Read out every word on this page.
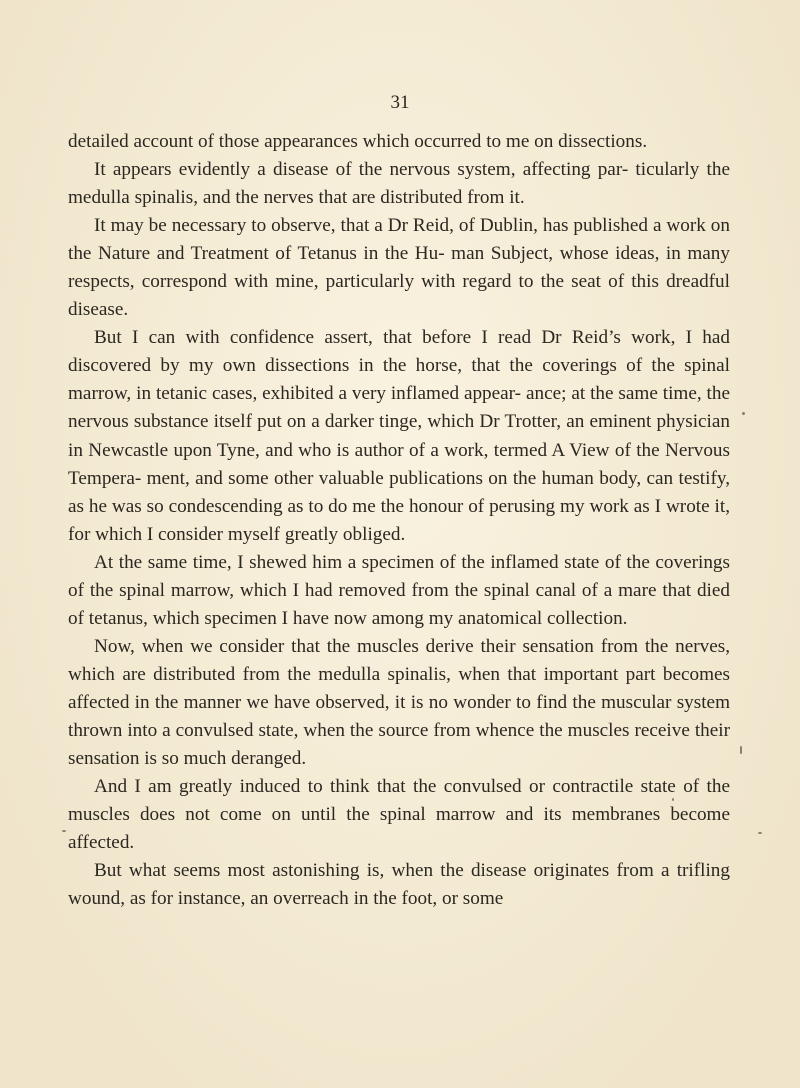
31

detailed account of those appearances which occurred to me on dissections.

It appears evidently a disease of the nervous system, affecting par- ticularly the medulla spinalis, and the nerves that are distributed from it.

It may be necessary to observe, that a Dr Reid, of Dublin, has published a work on the Nature and Treatment of Tetanus in the Hu- man Subject, whose ideas, in many respects, correspond with mine, particularly with regard to the seat of this dreadful disease.

But I can with confidence assert, that before I read Dr Reid’s work, I had discovered by my own dissections in the horse, that the coverings of the spinal marrow, in tetanic cases, exhibited a very inflamed appear- ance; at the same time, the nervous substance itself put on a darker tinge, which Dr Trotter, an eminent physician in Newcastle upon Tyne, and who is author of a work, termed A View of the Nervous Tempera- ment, and some other valuable publications on the human body, can testify, as he was so condescending as to do me the honour of perusing my work as I wrote it, for which I consider myself greatly obliged.

At the same time, I shewed him a specimen of the inflamed state of the coverings of the spinal marrow, which I had removed from the spinal canal of a mare that died of tetanus, which specimen I have now among my anatomical collection.

Now, when we consider that the muscles derive their sensation from the nerves, which are distributed from the medulla spinalis, when that important part becomes affected in the manner we have observed, it is no wonder to find the muscular system thrown into a convulsed state, when the source from whence the muscles receive their sensation is so much deranged.

And I am greatly induced to think that the convulsed or contractile state of the muscles does not come on until the spinal marrow and its membranes become affected.

But what seems most astonishing is, when the disease originates from a trifling wound, as for instance, an overreach in the foot, or some
